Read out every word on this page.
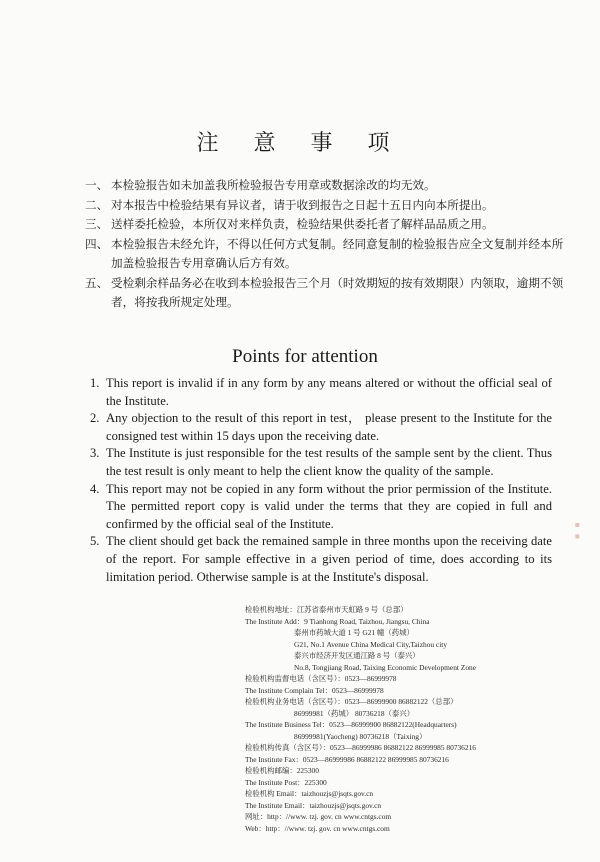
注 意 事 项
一、 本检验报告如未加盖我所检验报告专用章或数据涂改的均无效。
二、 对本报告中检验结果有异议者，请于收到报告之日起十五日内向本所提出。
三、 送样委托检验，本所仅对来样负责，检验结果供委托者了解样品品质之用。
四、 本检验报告未经允许，不得以任何方式复制。经同意复制的检验报告应全文复制并经本所加盖检验报告专用章确认后方有效。
五、 受检剩余样品务必在收到本检验报告三个月（时效期短的按有效期限）内领取，逾期不领者，将按我所规定处理。
Points for attention
1. This report is invalid if in any form by any means altered or without the official seal of the Institute.
2. Any objection to the result of this report in test， please present to the Institute for the consigned test within 15 days upon the receiving date.
3. The Institute is just responsible for the test results of the sample sent by the client. Thus the test result is only meant to help the client know the quality of the sample.
4. This report may not be copied in any form without the prior permission of the Institute. The permitted report copy is valid under the terms that they are copied in full and confirmed by the official seal of the Institute.
5. The client should get back the remained sample in three months upon the receiving date of the report. For sample effective in a given period of time, does according to its limitation period. Otherwise sample is at the Institute's disposal.
检验机构地址：江苏省泰州市天虹路 9 号（总部）
The Institute Add：9 Tianhong Road, Taizhou, Jiangsu, China
泰州市药城大道 1 号 G21 幢（药城）
G21, No.1 Avenue China Medical City,Taizhou city
泰兴市经济开发区通江路 8 号（泰兴）
No.8, Tongjiang Road, Taixing Economic Development Zone
检验机构监督电话（含区号）：0523—86999978
The Institute Complain Tel：0523—86999978
检验机构业务电话（含区号）：0523—86999900 86882122（总部）
86999981（药城） 80736218（泰兴）
The Institute Business Tel：0523—86999900 86882122(Headquarters)
86999981(Yaocheng) 80736218（Taixing）
检验机构传真（含区号）：0523—86999986 86882122 86999985 80736216
The Institute Fax：0523—86999986 86882122 86999985 80736216
检验机构邮编：225300
The Institute Post：225300
检验机构 Email：taizhouzjs@jsqts.gov.cn
The Institute Email：taizhouzjs@jsqts.gov.cn
网址：http：//www. tzj. gov. cn www.cntgs.com
Web：http：//www. tzj. gov. cn www.cntgs.com
▪ ▪
